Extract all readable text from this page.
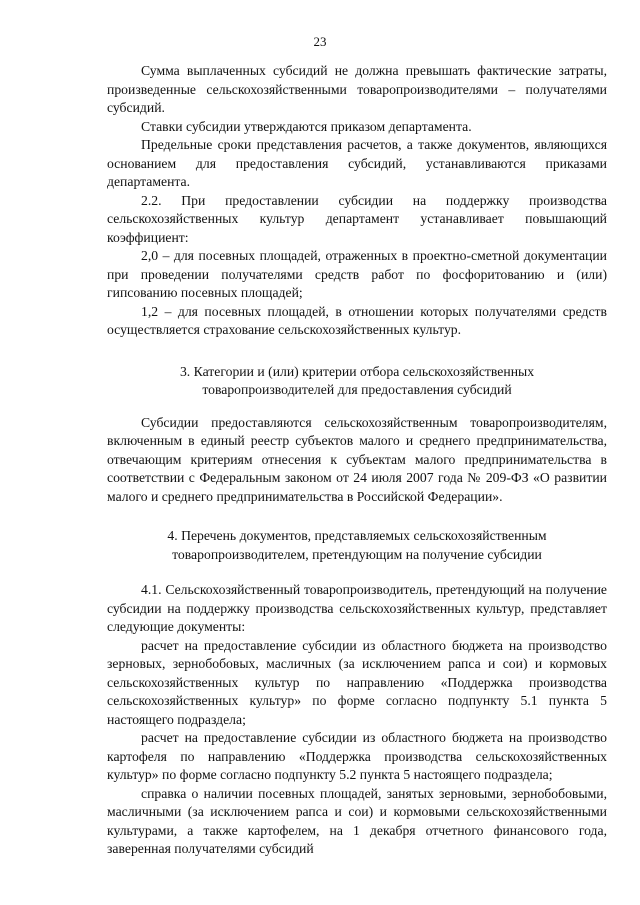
23

Сумма выплаченных субсидий не должна превышать фактические затраты, произведенные сельскохозяйственными товаропроизводителями – получателями субсидий.

Ставки субсидии утверждаются приказом департамента.

Предельные сроки представления расчетов, а также документов, являющихся основанием для предоставления субсидий, устанавливаются приказами департамента.

2.2. При предоставлении субсидии на поддержку производства сельскохозяйственных культур департамент устанавливает повышающий коэффициент:

2,0 – для посевных площадей, отраженных в проектно-сметной документации при проведении получателями средств работ по фосфоритованию и (или) гипсованию посевных площадей;

1,2 – для посевных площадей, в отношении которых получателями средств осуществляется страхование сельскохозяйственных культур.

3. Категории и (или) критерии отбора сельскохозяйственных

товаропроизводителей для предоставления субсидий

Субсидии предоставляются сельскохозяйственным товаропроизводителям, включенным в единый реестр субъектов малого и среднего предпринимательства, отвечающим критериям отнесения к субъектам малого предпринимательства в соответствии с Федеральным законом от 24 июля 2007 года № 209-ФЗ «О развитии малого и среднего предпринимательства в Российской Федерации».

4. Перечень документов, представляемых сельскохозяйственным

товаропроизводителем, претендующим на получение субсидии

4.1. Сельскохозяйственный товаропроизводитель, претендующий на получение субсидии на поддержку производства сельскохозяйственных культур, представляет следующие документы:

расчет на предоставление субсидии из областного бюджета на производство зерновых, зернобобовых, масличных (за исключением рапса и сои) и кормовых сельскохозяйственных культур по направлению «Поддержка производства сельскохозяйственных культур» по форме согласно подпункту 5.1 пункта 5 настоящего подраздела;

расчет на предоставление субсидии из областного бюджета на производство картофеля по направлению «Поддержка производства сельскохозяйственных культур» по форме согласно подпункту 5.2 пункта 5 настоящего подраздела;

справка о наличии посевных площадей, занятых зерновыми, зернобобовыми, масличными (за исключением рапса и сои) и кормовыми сельскохозяйственными культурами, а также картофелем, на 1 декабря отчетного финансового года, заверенная получателями субсидий
